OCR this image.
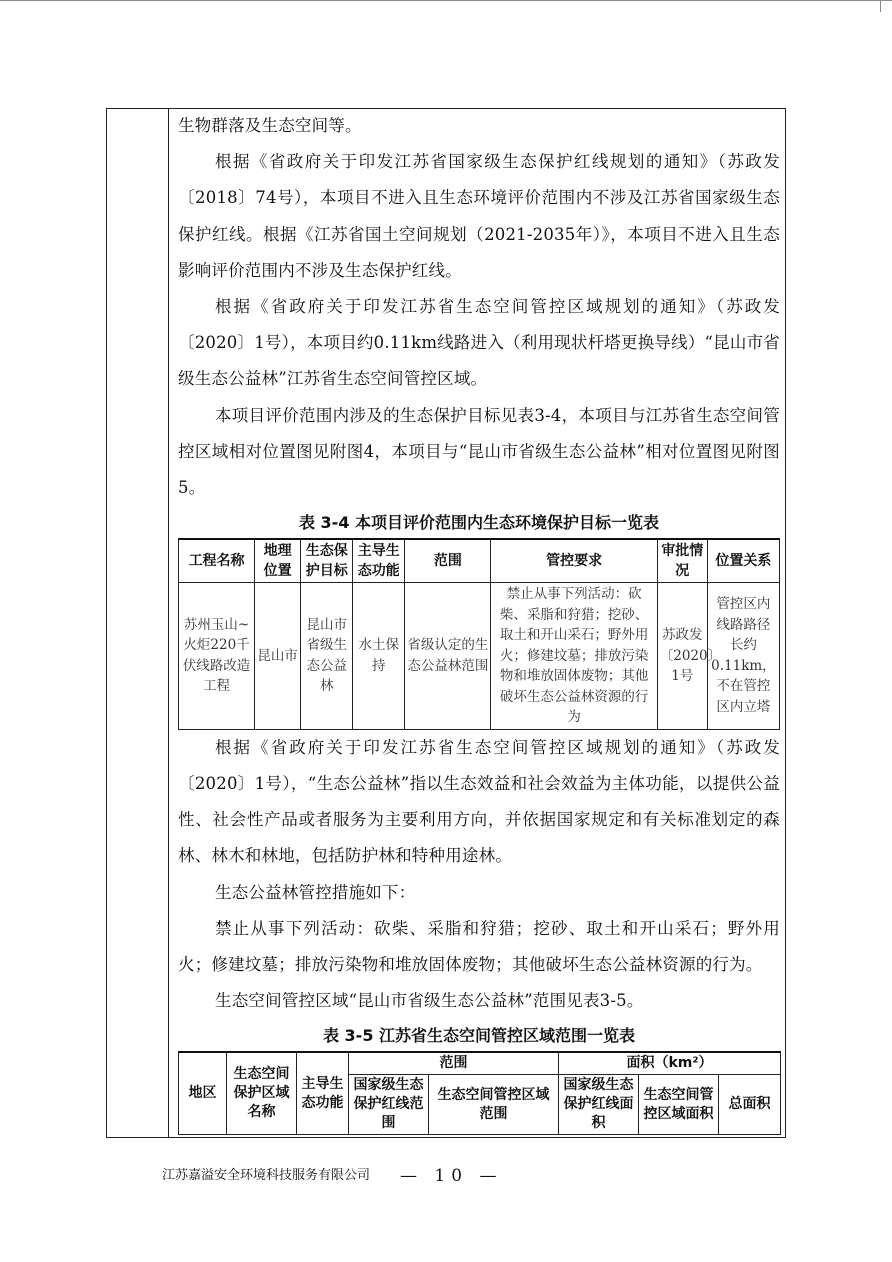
生物群落及生态空间等。

根据《省政府关于印发江苏省国家级生态保护红线规划的通知》（苏政发〔2018〕74号），本项目不进入且生态环境评价范围内不涉及江苏省国家级生态保护红线。根据《江苏省国土空间规划（2021-2035年）》，本项目不进入且生态影响评价范围内不涉及生态保护红线。

根据《省政府关于印发江苏省生态空间管控区域规划的通知》（苏政发〔2020〕1号），本项目约0.11km线路进入（利用现状杆塔更换导线）“昆山市省级生态公益林”江苏省生态空间管控区域。

本项目评价范围内涉及的生态保护目标见表3-4，本项目与江苏省生态空间管控区域相对位置图见附图4，本项目与“昆山市省级生态公益林”相对位置图见附图5。

表 3-4 本项目评价范围内生态环境保护目标一览表
工程名称	地理位置	生态保护目标	主导生态功能	范围	管控要求	审批情况	位置关系
苏州玉山~火炬220千伏线路改造工程	昆山市	昆山市省级生态公益林	水土保持	省级认定的生态公益林范围	禁止从事下列活动：砍柴、采脂和狩猎；挖砂、取土和开山采石；野外用火；修建坟墓；排放污染物和堆放固体废物；其他破坏生态公益林资源的行为	苏政发〔2020〕1号	管控区内线路路径长约0.11km，不在管控区内立塔

根据《省政府关于印发江苏省生态空间管控区域规划的通知》（苏政发〔2020〕1号），“生态公益林”指以生态效益和社会效益为主体功能，以提供公益性、社会性产品或者服务为主要利用方向，并依据国家规定和有关标准划定的森林、林木和林地，包括防护林和特种用途林。

生态公益林管控措施如下：

禁止从事下列活动：砍柴、采脂和狩猎；挖砂、取土和开山采石；野外用火；修建坟墓；排放污染物和堆放固体废物；其他破坏生态公益林资源的行为。

生态空间管控区域“昆山市省级生态公益林”范围见表3-5。

表 3-5 江苏省生态空间管控区域范围一览表
地区	生态空间保护区域名称	主导生态功能	范围		面积（km²）		
			国家级生态保护红线范围	生态空间管控区域范围	国家级生态保护红线面积	生态空间管控区域面积	总面积
江苏嘉溢安全环境科技服务有限公司 — 10 —
